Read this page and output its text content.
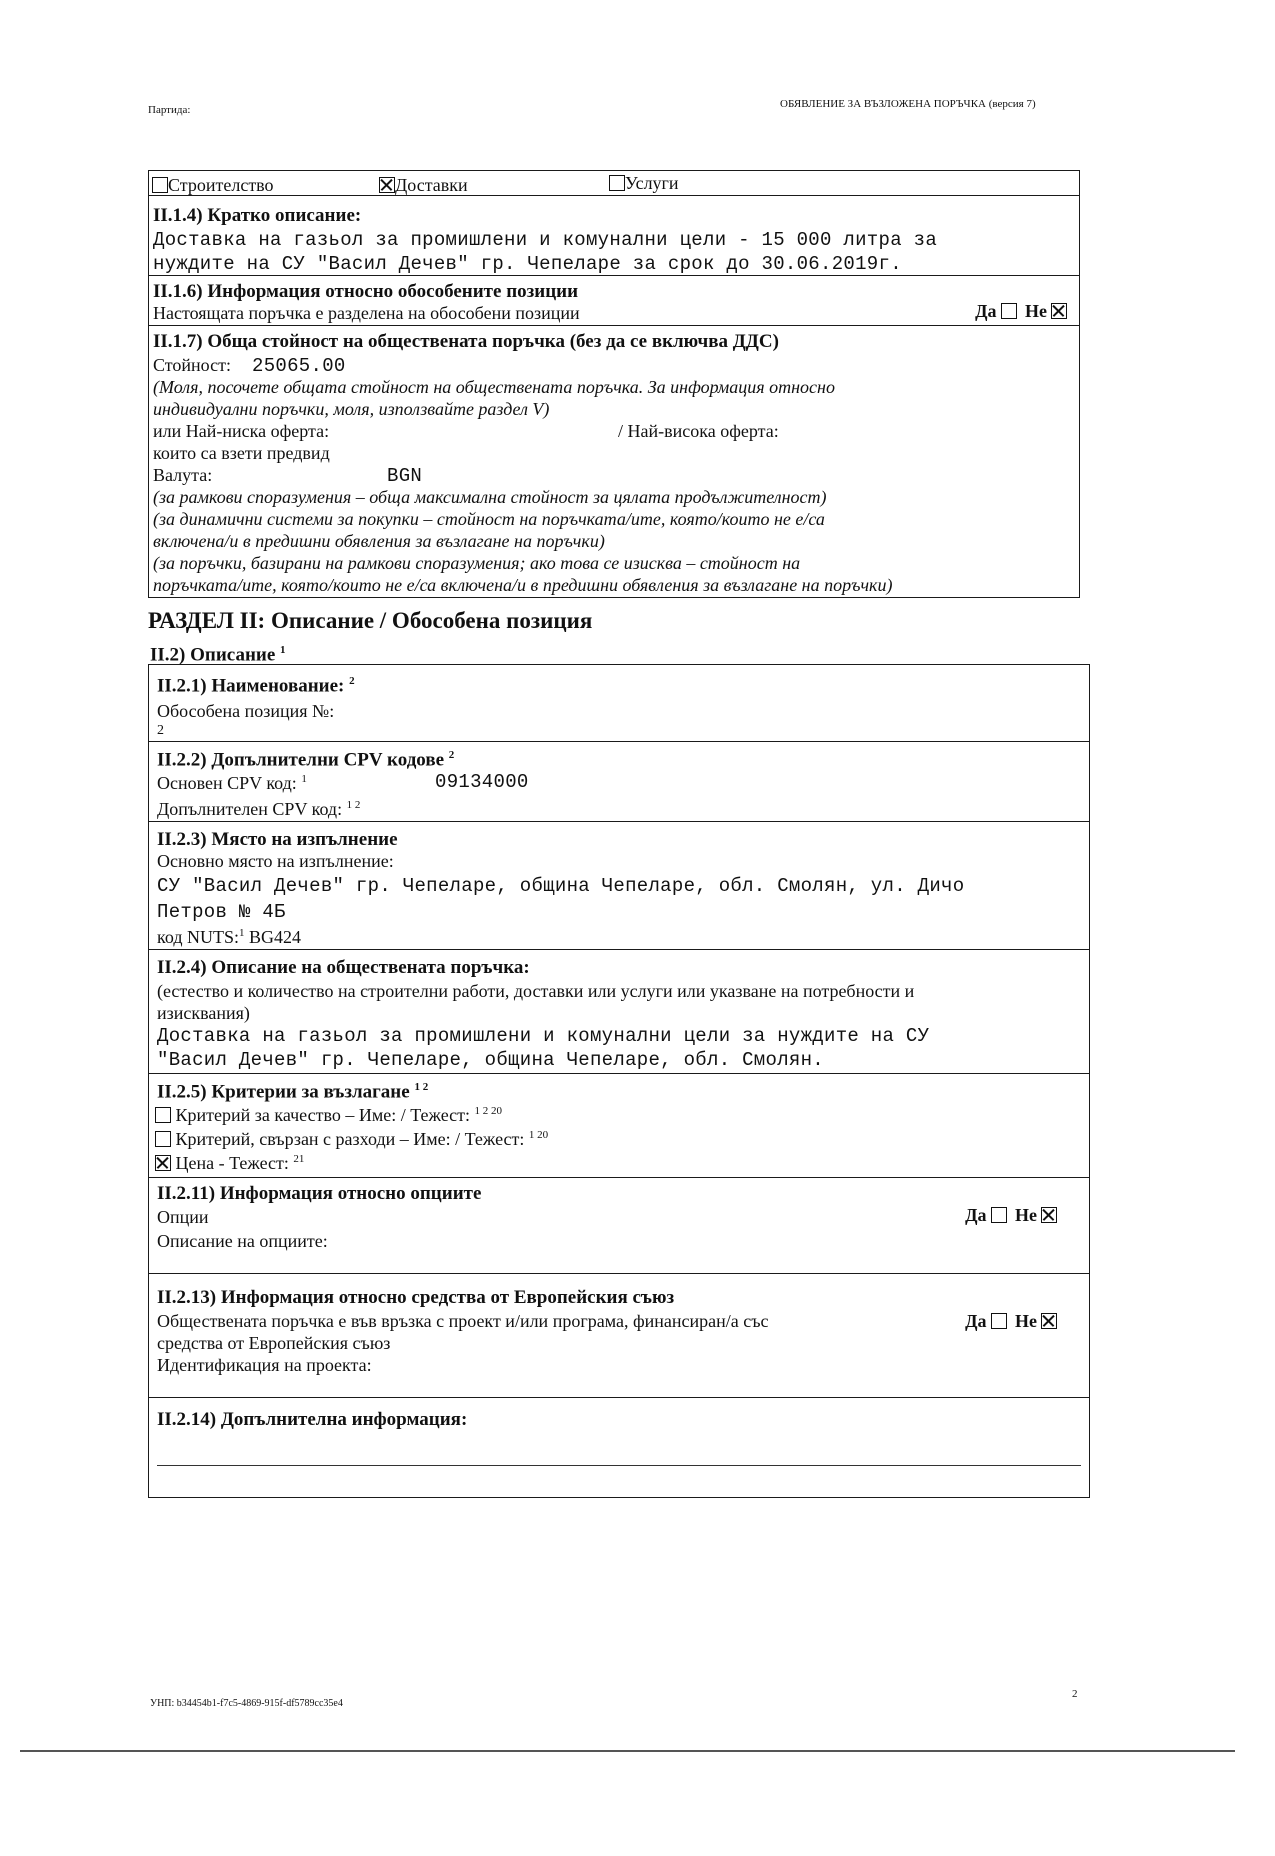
Партида:	ОБЯВЛЕНИЕ ЗА ВЪЗЛОЖЕНА ПОРЪЧКА (версия 7)
Строителство	Доставки	Услуги
II.1.4) Кратко описание:
Доставка на газьол за промишлени и комунални цели - 15 000 литра за
нуждите на СУ "Васил Дечев" гр. Чепеларе за срок до 30.06.2019г.
II.1.6) Информация относно обособените позиции
Настоящата поръчка е разделена на обособени позиции	Да Не
II.1.7) Обща стойност на обществената поръчка (без да се включва ДДС)
Стойност: 25065.00
(Моля, посочете общата стойност на обществената поръчка. За информация относно
индивидуални поръчки, моля, използвайте раздел V)
или Най-ниска оферта:	/ Най-висока оферта:
които са взети предвид
Валута:	BGN
(за рамкови споразумения – обща максимална стойност за цялата продължителност)
(за динамични системи за покупки – стойност на поръчката/ите, която/които не е/са
включена/и в предишни обявления за възлагане на поръчки)
(за поръчки, базирани на рамкови споразумения; ако това се изисква – стойност на
поръчката/ите, която/които не е/са включена/и в предишни обявления за възлагане на поръчки)
РАЗДЕЛ II: Описание / Обособена позиция
II.2) Описание $^1$
II.2.1) Наименование: $^2$
Обособена позиция №:
2
II.2.2) Допълнителни CPV кодове $^2$
Основен CPV код: $^1$	09134000
Допълнителен CPV код: $^{1 2}$
II.2.3) Място на изпълнение
Основно място на изпълнение:
СУ "Васил Дечев" гр. Чепеларе, община Чепеларе, обл. Смолян, ул. Дичо
Петров № 4Б
код NUTS:$^1$ BG424
II.2.4) Описание на обществената поръчка:
(естество и количество на строителни работи, доставки или услуги или указване на потребности и
изисквания)
Доставка на газьол за промишлени и комунални цели за нуждите на СУ
"Васил Дечев" гр. Чепеларе, община Чепеларе, обл. Смолян.
II.2.5) Критерии за възлагане $^{1 2}$
Критерий за качество – Име: / Тежест: $^{1 2 20}$
Критерий, свързан с разходи – Име: / Тежест: $^{1 20}$
Цена - Тежест: $^{21}$
II.2.11) Информация относно опциите
Опции
Описание на опциите:
Да Не
II.2.13) Информация относно средства от Европейския съюз
Обществената поръчка е във връзка с проект и/или програма, финансиран/а със
средства от Европейския съюз
Идентификация на проекта:
Да Не
II.2.14) Допълнителна информация:
УНП: b34454b1-f7c5-4869-915f-df5789cc35e4
2
